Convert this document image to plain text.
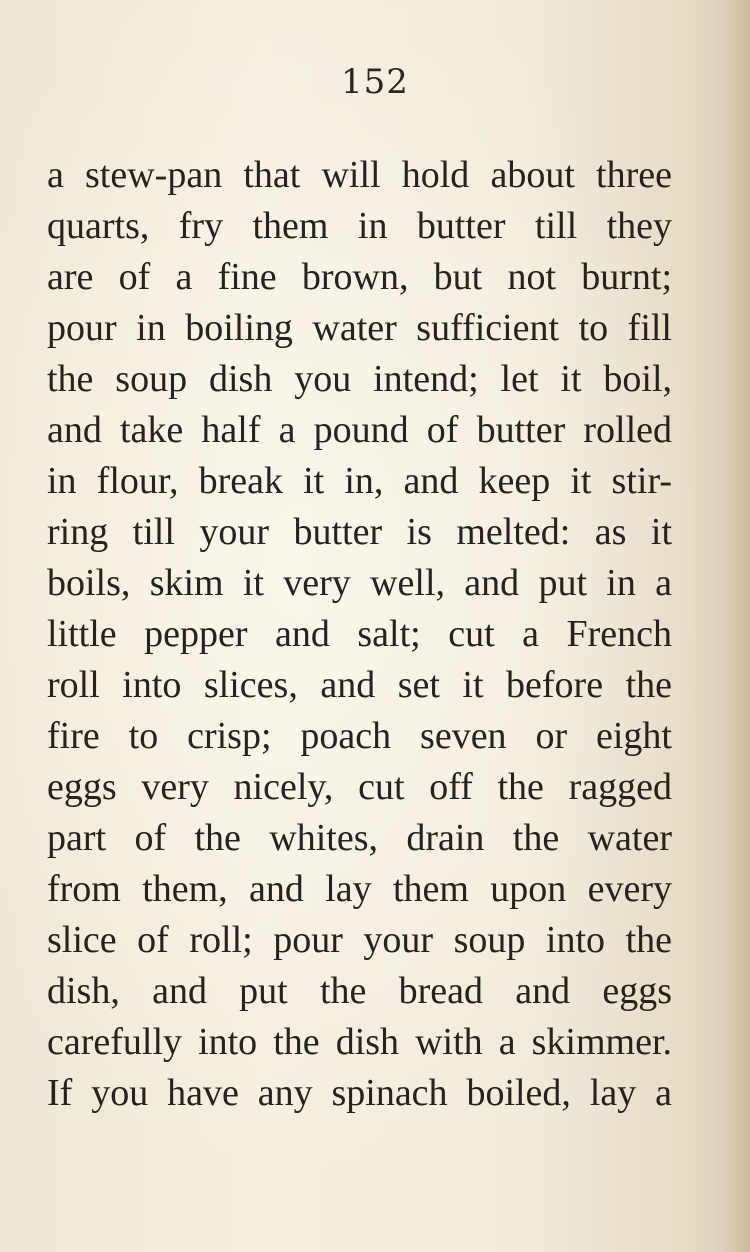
152
a stew-pan that will hold about three
quarts, fry them in butter till they
are of a fine brown, but not burnt;
pour in boiling water sufficient to fill
the soup dish you intend; let it boil,
and take half a pound of butter rolled
in flour, break it in, and keep it stir-
ring till your butter is melted: as it
boils, skim it very well, and put in a
little pepper and salt; cut a French
roll into slices, and set it before the
fire to crisp; poach seven or eight
eggs very nicely, cut off the ragged
part of the whites, drain the water
from them, and lay them upon every
slice of roll; pour your soup into the
dish, and put the bread and eggs
carefully into the dish with a skimmer.
If you have any spinach boiled, lay a
